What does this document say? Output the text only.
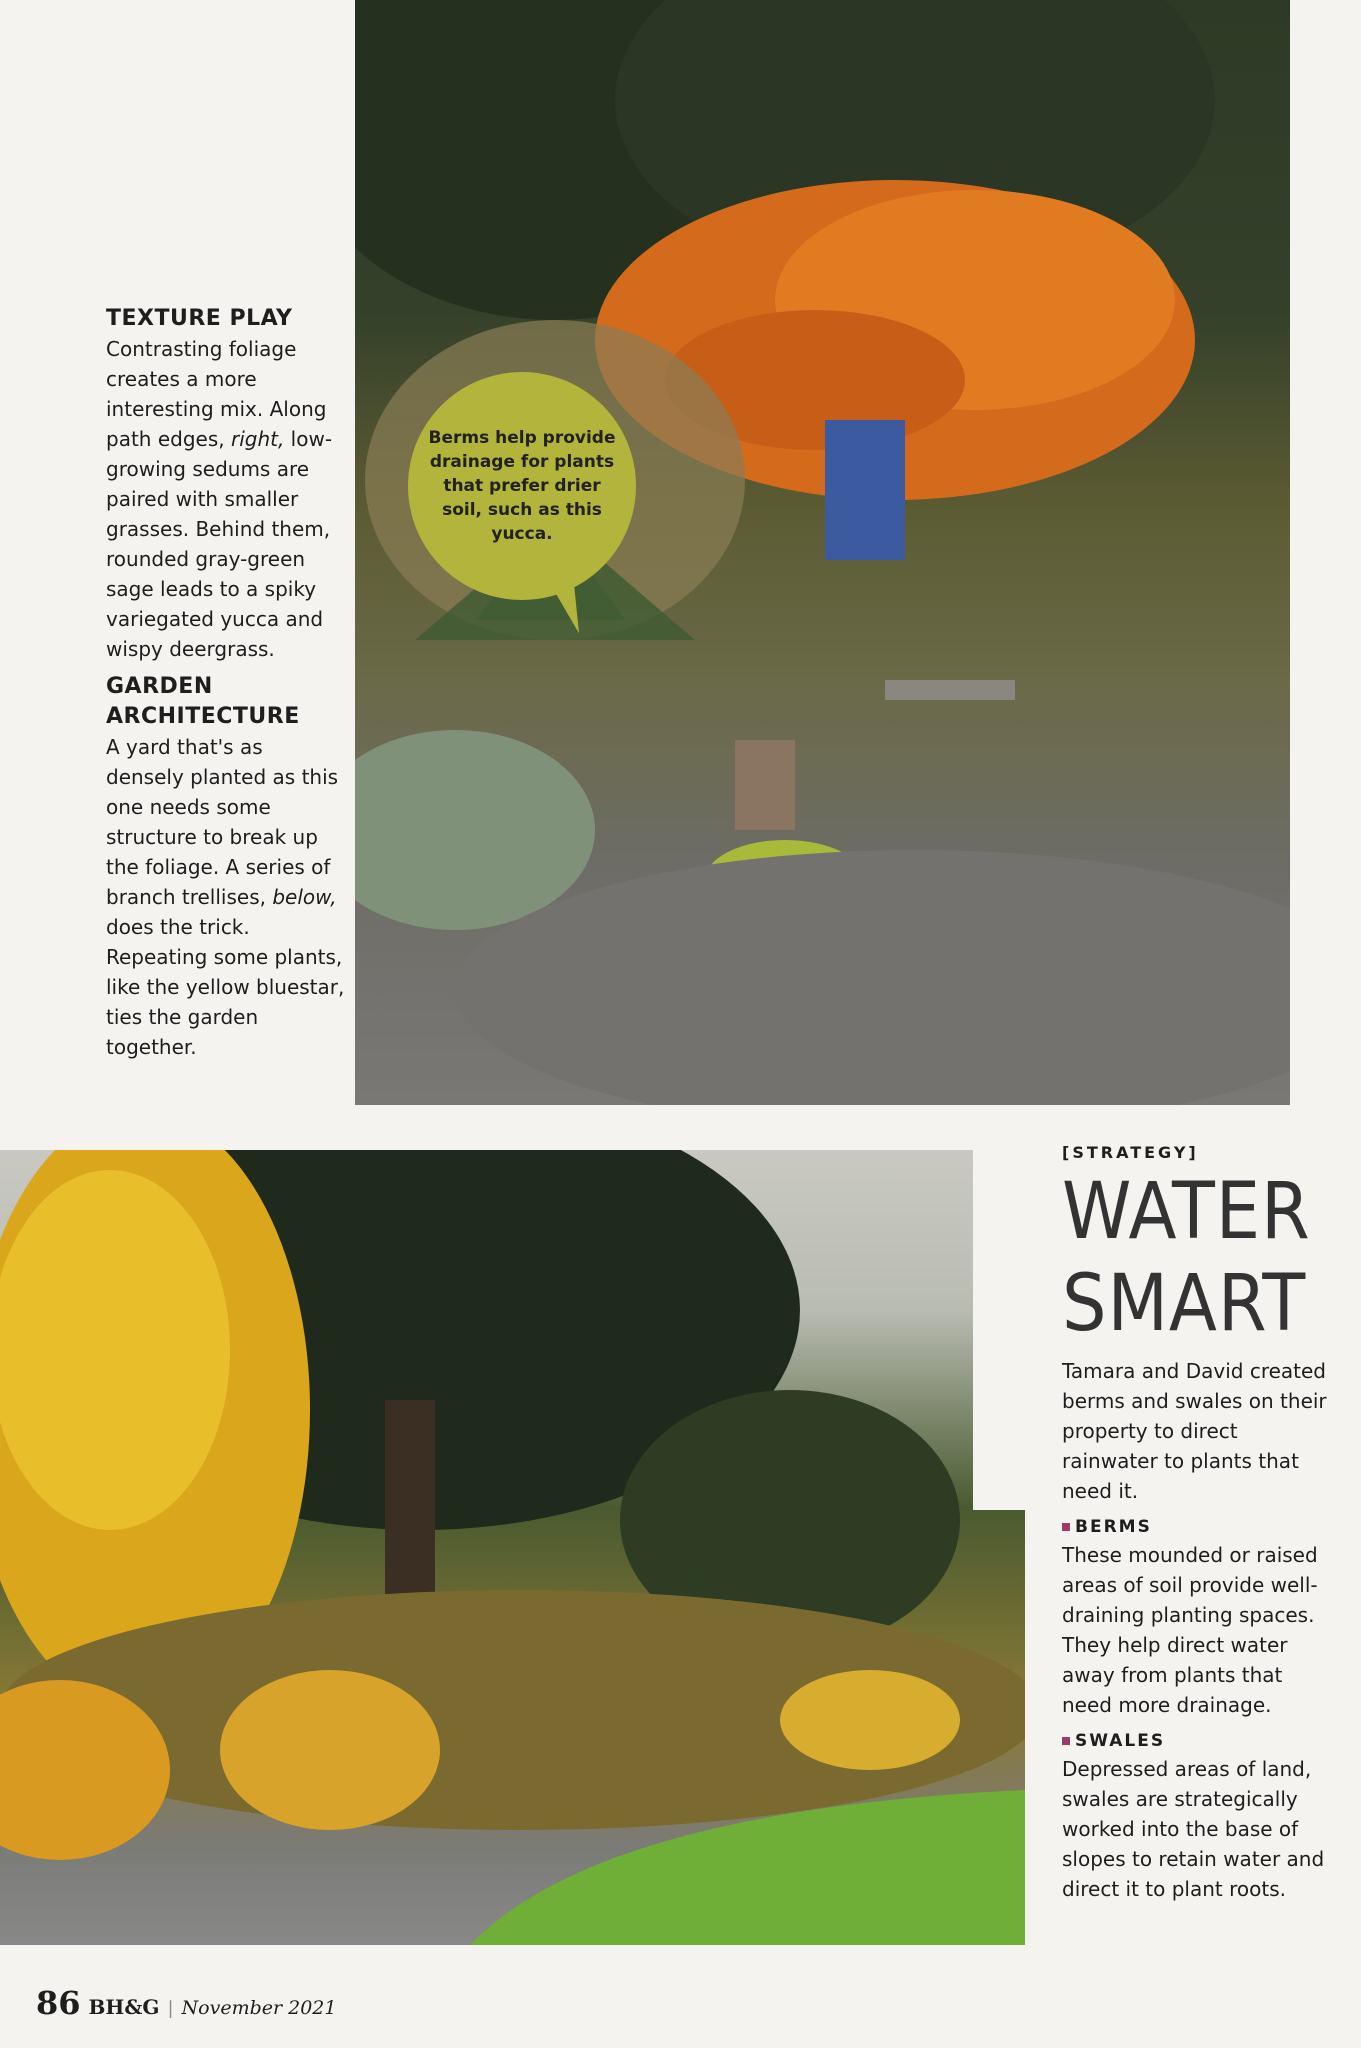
Berms help provide drainage for plants that prefer drier soil, such as this yucca.

TEXTURE PLAY

Contrasting foliage creates a more interesting mix. Along path edges, right, low-growing sedums are paired with smaller grasses. Behind them, rounded gray-green sage leads to a spiky variegated yucca and wispy deergrass.

GARDEN ARCHITECTURE

A yard that's as densely planted as this one needs some structure to break up the foliage. A series of branch trellises, below, does the trick. Repeating some plants, like the yellow bluestar, ties the garden together.

[STRATEGY]
WATER
SMART

Tamara and David created berms and swales on their property to direct rainwater to plants that need it.

BERMS

These mounded or raised areas of soil provide well-draining planting spaces. They help direct water away from plants that need more drainage.

SWALES

Depressed areas of land, swales are strategically worked into the base of slopes to retain water and direct it to plant roots.

86 BH&G | November 2021
